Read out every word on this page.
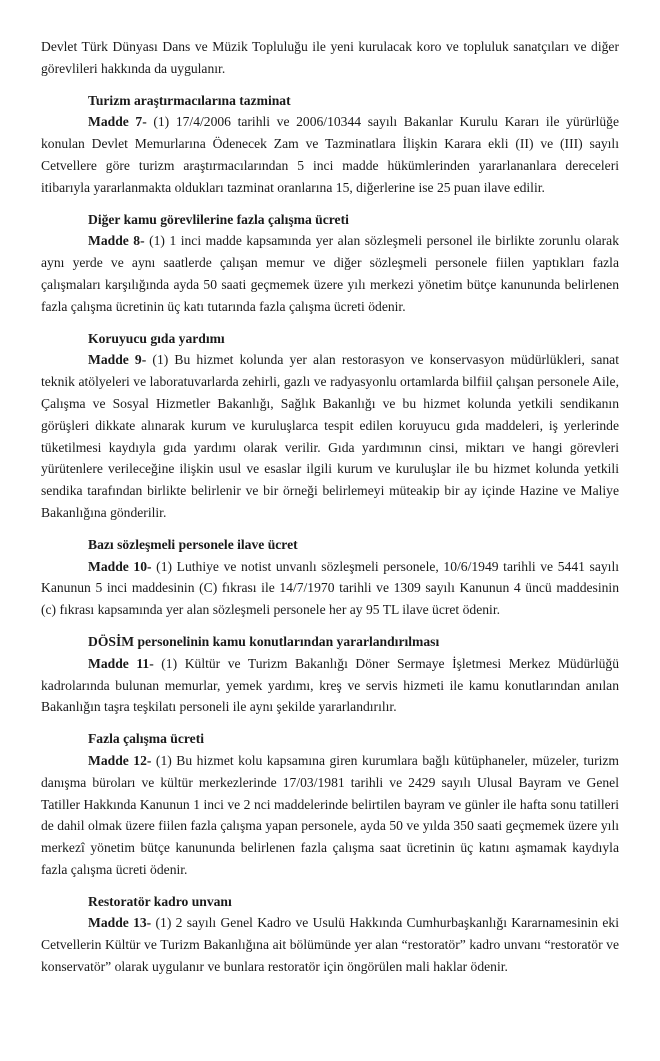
Devlet Türk Dünyası Dans ve Müzik Topluluğu ile yeni kurulacak koro ve topluluk sanatçıları ve diğer görevlileri hakkında da uygulanır.

Turizm araştırmacılarına tazminat

Madde 7- (1) 17/4/2006 tarihli ve 2006/10344 sayılı Bakanlar Kurulu Kararı ile yürürlüğe konulan Devlet Memurlarına Ödenecek Zam ve Tazminatlara İlişkin Karara ekli (II) ve (III) sayılı Cetvellere göre turizm araştırmacılarından 5 inci madde hükümlerinden yararlananlara dereceleri itibarıyla yararlanmakta oldukları tazminat oranlarına 15, diğerlerine ise 25 puan ilave edilir.

Diğer kamu görevlilerine fazla çalışma ücreti

Madde 8- (1) 1 inci madde kapsamında yer alan sözleşmeli personel ile birlikte zorunlu olarak aynı yerde ve aynı saatlerde çalışan memur ve diğer sözleşmeli personele fiilen yaptıkları fazla çalışmaları karşılığında ayda 50 saati geçmemek üzere yılı merkezi yönetim bütçe kanununda belirlenen fazla çalışma ücretinin üç katı tutarında fazla çalışma ücreti ödenir.

Koruyucu gıda yardımı

Madde 9- (1) Bu hizmet kolunda yer alan restorasyon ve konservasyon müdürlükleri, sanat teknik atölyeleri ve laboratuvarlarda zehirli, gazlı ve radyasyonlu ortamlarda bilfiil çalışan personele Aile, Çalışma ve Sosyal Hizmetler Bakanlığı, Sağlık Bakanlığı ve bu hizmet kolunda yetkili sendikanın görüşleri dikkate alınarak kurum ve kuruluşlarca tespit edilen koruyucu gıda maddeleri, iş yerlerinde tüketilmesi kaydıyla gıda yardımı olarak verilir. Gıda yardımının cinsi, miktarı ve hangi görevleri yürütenlere verileceğine ilişkin usul ve esaslar ilgili kurum ve kuruluşlar ile bu hizmet kolunda yetkili sendika tarafından birlikte belirlenir ve bir örneği belirlemeyi müteakip bir ay içinde Hazine ve Maliye Bakanlığına gönderilir.

Bazı sözleşmeli personele ilave ücret

Madde 10- (1) Luthiye ve notist unvanlı sözleşmeli personele, 10/6/1949 tarihli ve 5441 sayılı Kanunun 5 inci maddesinin (C) fıkrası ile 14/7/1970 tarihli ve 1309 sayılı Kanunun 4 üncü maddesinin (c) fıkrası kapsamında yer alan sözleşmeli personele her ay 95 TL ilave ücret ödenir.

DÖSİM personelinin kamu konutlarından yararlandırılması

Madde 11- (1) Kültür ve Turizm Bakanlığı Döner Sermaye İşletmesi Merkez Müdürlüğü kadrolarında bulunan memurlar, yemek yardımı, kreş ve servis hizmeti ile kamu konutlarından anılan Bakanlığın taşra teşkilatı personeli ile aynı şekilde yararlandırılır.

Fazla çalışma ücreti

Madde 12- (1) Bu hizmet kolu kapsamına giren kurumlara bağlı kütüphaneler, müzeler, turizm danışma büroları ve kültür merkezlerinde 17/03/1981 tarihli ve 2429 sayılı Ulusal Bayram ve Genel Tatiller Hakkında Kanunun 1 inci ve 2 nci maddelerinde belirtilen bayram ve günler ile hafta sonu tatilleri de dahil olmak üzere fiilen fazla çalışma yapan personele, ayda 50 ve yılda 350 saati geçmemek üzere yılı merkezî yönetim bütçe kanununda belirlenen fazla çalışma saat ücretinin üç katını aşmamak kaydıyla fazla çalışma ücreti ödenir.

Restoratör kadro unvanı

Madde 13- (1) 2 sayılı Genel Kadro ve Usulü Hakkında Cumhurbaşkanlığı Kararnamesinin eki Cetvellerin Kültür ve Turizm Bakanlığına ait bölümünde yer alan “restoratör” kadro unvanı “restoratör ve konservatör” olarak uygulanır ve bunlara restoratör için öngörülen mali haklar ödenir.
